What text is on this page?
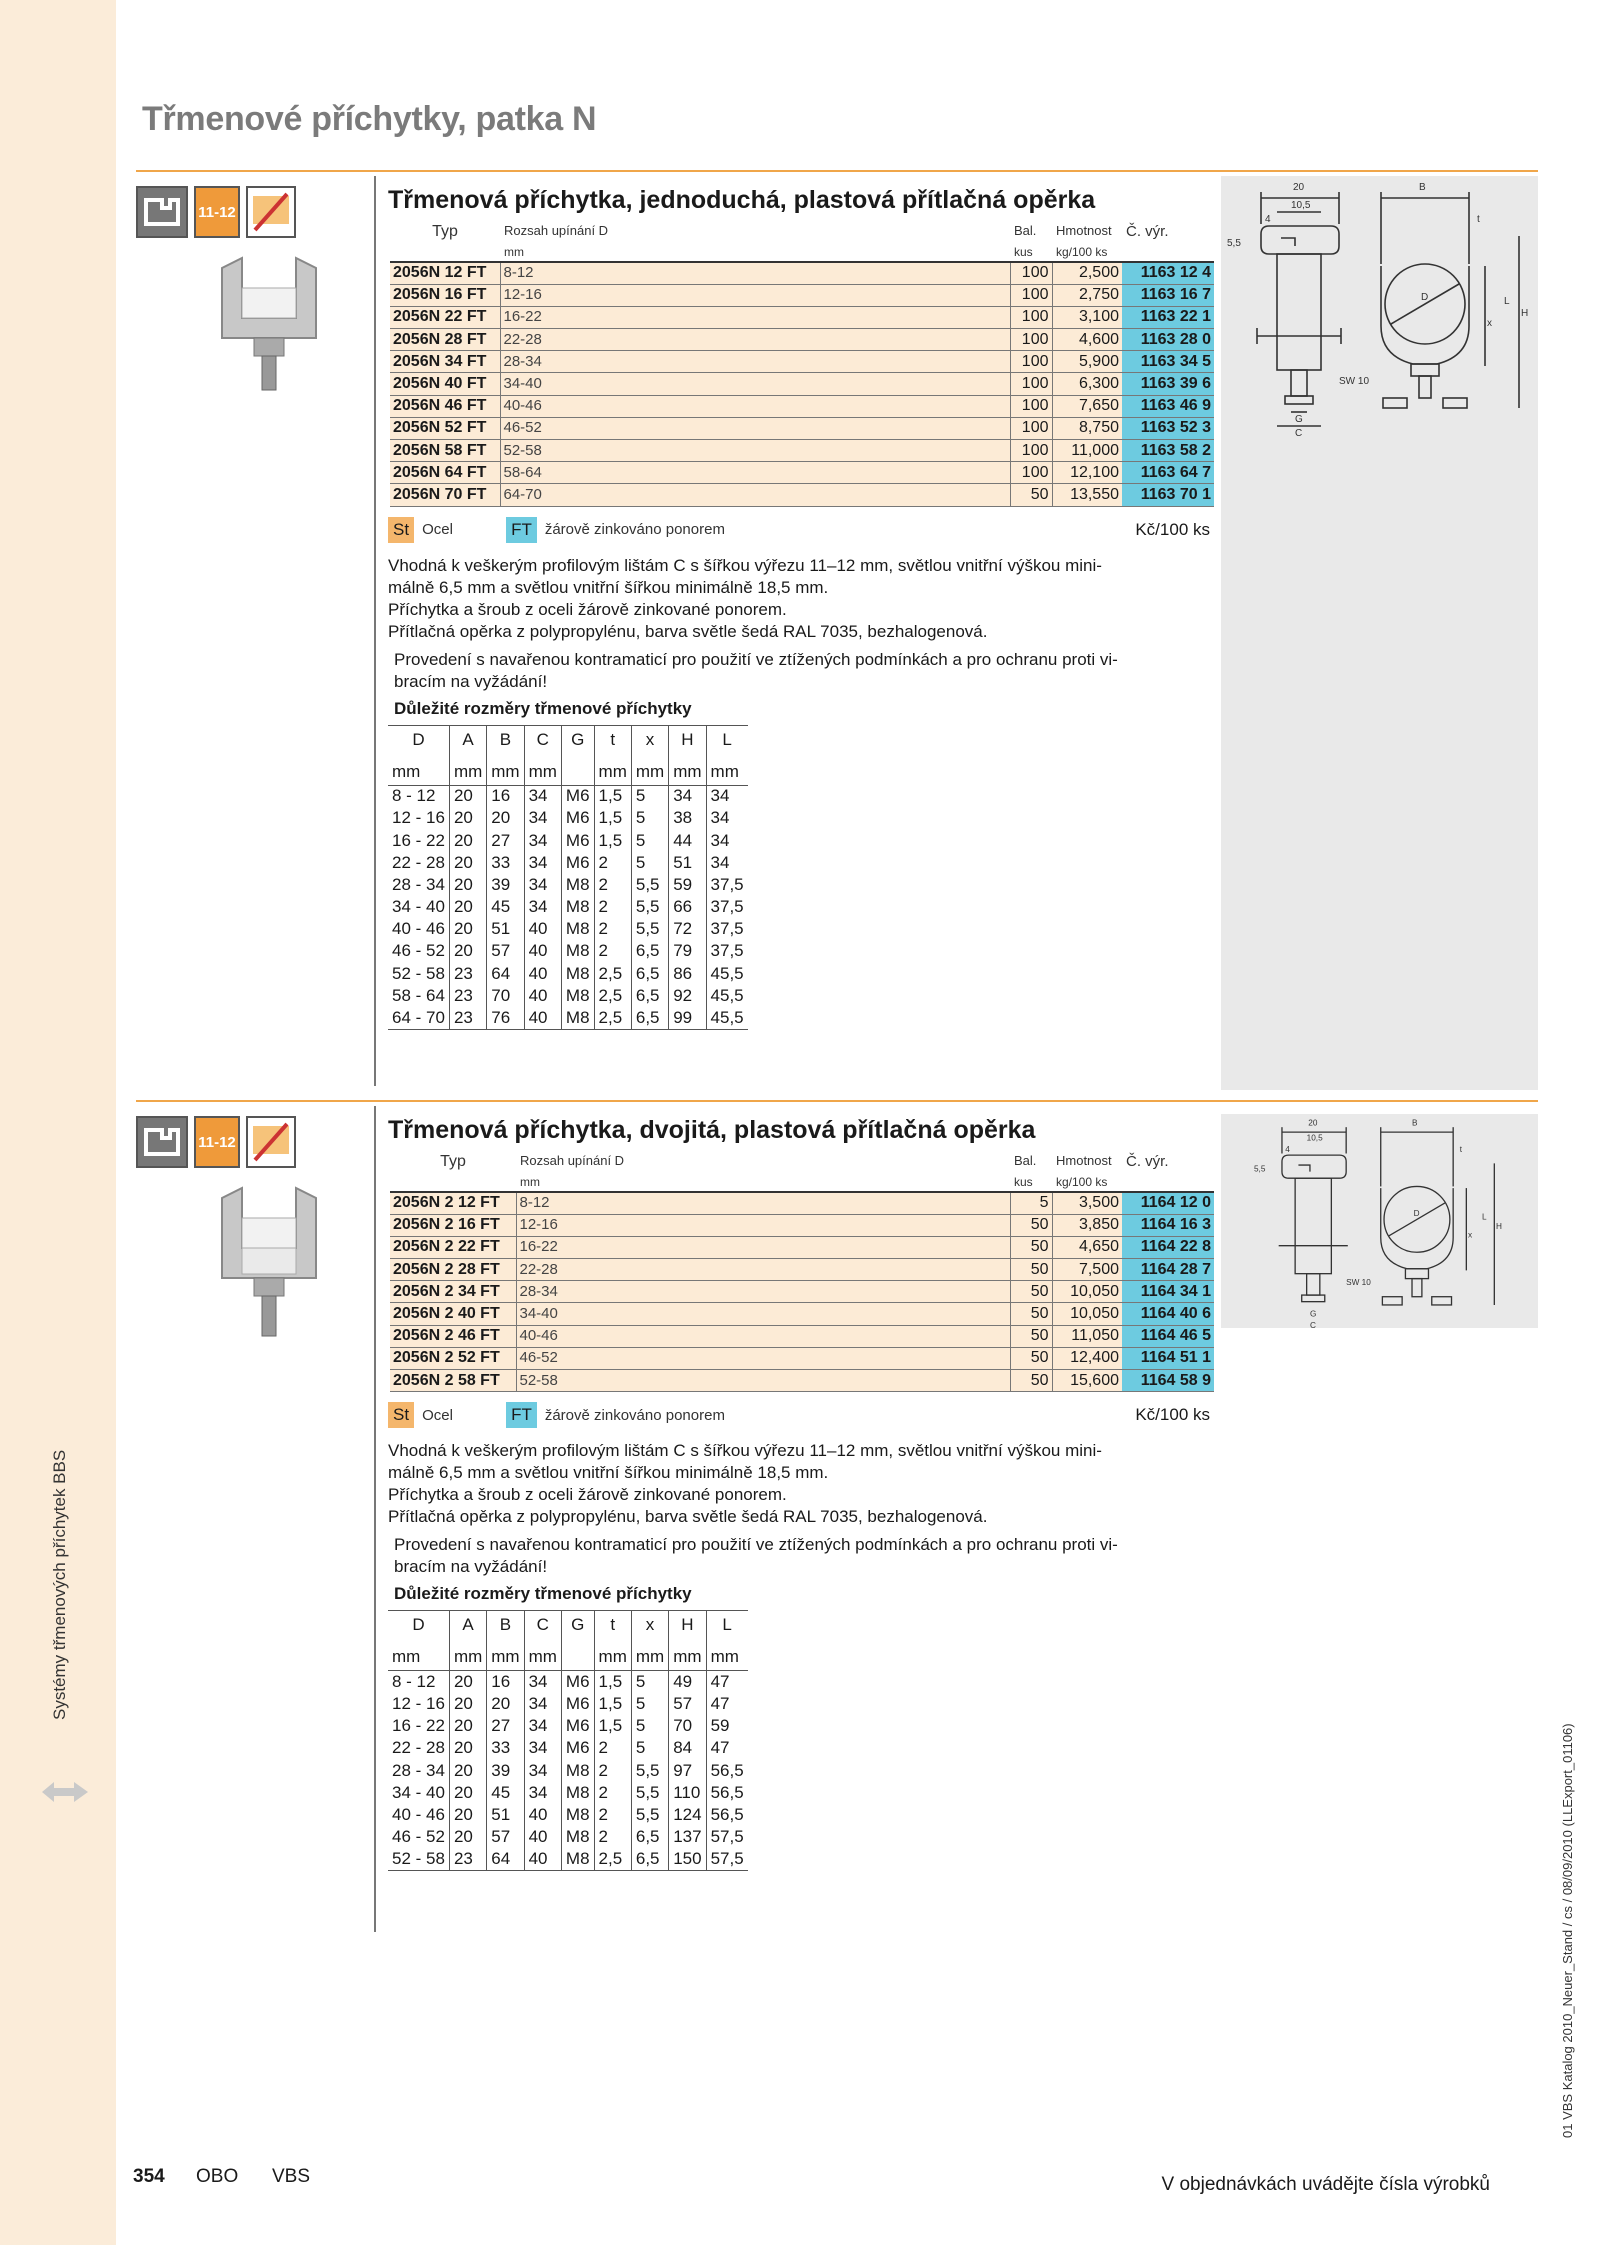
Systémy třmenových příchytek BBS
01 VBS Katalog 2010_Neuer_Stand / cs / 08/09/2010 (LLExport_01106)
Třmenové příchytky, patka N
11-12	Třmenová příchytka, jednoduchá, plastová přítlačná opěrka
Typ	Rozsah upínání D	Bal.	Hmotnost	Č. výr.
	mm	kus	kg/100 ks	
2056N 12 FT	8-12	100	2,500	1163 12 4
2056N 16 FT	12-16	100	2,750	1163 16 7
2056N 22 FT	16-22	100	3,100	1163 22 1
2056N 28 FT	22-28	100	4,600	1163 28 0
2056N 34 FT	28-34	100	5,900	1163 34 5
2056N 40 FT	34-40	100	6,300	1163 39 6
2056N 46 FT	40-46	100	7,650	1163 46 9
2056N 52 FT	46-52	100	8,750	1163 52 3
2056N 58 FT	52-58	100	11,000	1163 58 2
2056N 64 FT	58-64	100	12,100	1163 64 7
2056N 70 FT	64-70	50	13,550	1163 70 1
St Ocel	FT žárově zinkováno ponorem	Kč/100 ks
Vhodná k veškerým profilovým lištám C s šířkou výřezu 11–12 mm, světlou vnitřní výškou mini-
málně 6,5 mm a světlou vnitřní šířkou minimálně 18,5 mm.
Příchytka a šroub z oceli žárově zinkované ponorem.
Přítlačná opěrka z polypropylénu, barva světle šedá RAL 7035, bezhalogenová.
Provedení s navařenou kontramaticí pro použití ve ztížených podmínkách a pro ochranu proti vi-
bracím na vyžádání!
Důležité rozměry třmenové příchytky
D	A	B	C	G	t	x	H	L
mm	mm	mm	mm		mm	mm	mm	mm
8 - 12	20	16	34	M6	1,5	5	34	34
12 - 16	20	20	34	M6	1,5	5	38	34
16 - 22	20	27	34	M6	1,5	5	44	34
22 - 28	20	33	34	M6	2	5	51	34
28 - 34	20	39	34	M8	2	5,5	59	37,5
34 - 40	20	45	34	M8	2	5,5	66	37,5
40 - 46	20	51	40	M8	2	5,5	72	37,5
46 - 52	20	57	40	M8	2	6,5	79	37,5
52 - 58	23	64	40	M8	2,5	6,5	86	45,5
58 - 64	23	70	40	M8	2,5	6,5	92	45,5
64 - 70	23	76	40	M8	2,5	6,5	99	45,5
20
10,5
B
t
4
5,5
D
x
H
L
G
C
SW 10
11-12	Třmenová příchytka, dvojitá, plastová přítlačná opěrka
Typ	Rozsah upínání D	Bal.	Hmotnost	Č. výr.
	mm	kus	kg/100 ks	
2056N 2 12 FT	8-12	5	3,500	1164 12 0
2056N 2 16 FT	12-16	50	3,850	1164 16 3
2056N 2 22 FT	16-22	50	4,650	1164 22 8
2056N 2 28 FT	22-28	50	7,500	1164 28 7
2056N 2 34 FT	28-34	50	10,050	1164 34 1
2056N 2 40 FT	34-40	50	10,050	1164 40 6
2056N 2 46 FT	40-46	50	11,050	1164 46 5
2056N 2 52 FT	46-52	50	12,400	1164 51 1
2056N 2 58 FT	52-58	50	15,600	1164 58 9
St Ocel	FT žárově zinkováno ponorem	Kč/100 ks
Vhodná k veškerým profilovým lištám C s šířkou výřezu 11–12 mm, světlou vnitřní výškou mini-
málně 6,5 mm a světlou vnitřní šířkou minimálně 18,5 mm.
Příchytka a šroub z oceli žárově zinkované ponorem.
Přítlačná opěrka z polypropylénu, barva světle šedá RAL 7035, bezhalogenová.
Provedení s navařenou kontramaticí pro použití ve ztížených podmínkách a pro ochranu proti vi-
bracím na vyžádání!
Důležité rozměry třmenové příchytky
D	A	B	C	G	t	x	H	L
mm	mm	mm	mm		mm	mm	mm	mm
8 - 12	20	16	34	M6	1,5	5	49	47
12 - 16	20	20	34	M6	1,5	5	57	47
16 - 22	20	27	34	M6	1,5	5	70	59
22 - 28	20	33	34	M6	2	5	84	47
28 - 34	20	39	34	M8	2	5,5	97	56,5
34 - 40	20	45	34	M8	2	5,5	110	56,5
40 - 46	20	51	40	M8	2	5,5	124	56,5
46 - 52	20	57	40	M8	2	6,5	137	57,5
52 - 58	23	64	40	M8	2,5	6,5	150	57,5
20
10,5
B
t
4
5,5
D
x
H
L
G
C
SW 10
354 OBO VBS	V objednávkách uvádějte čísla výrobků
